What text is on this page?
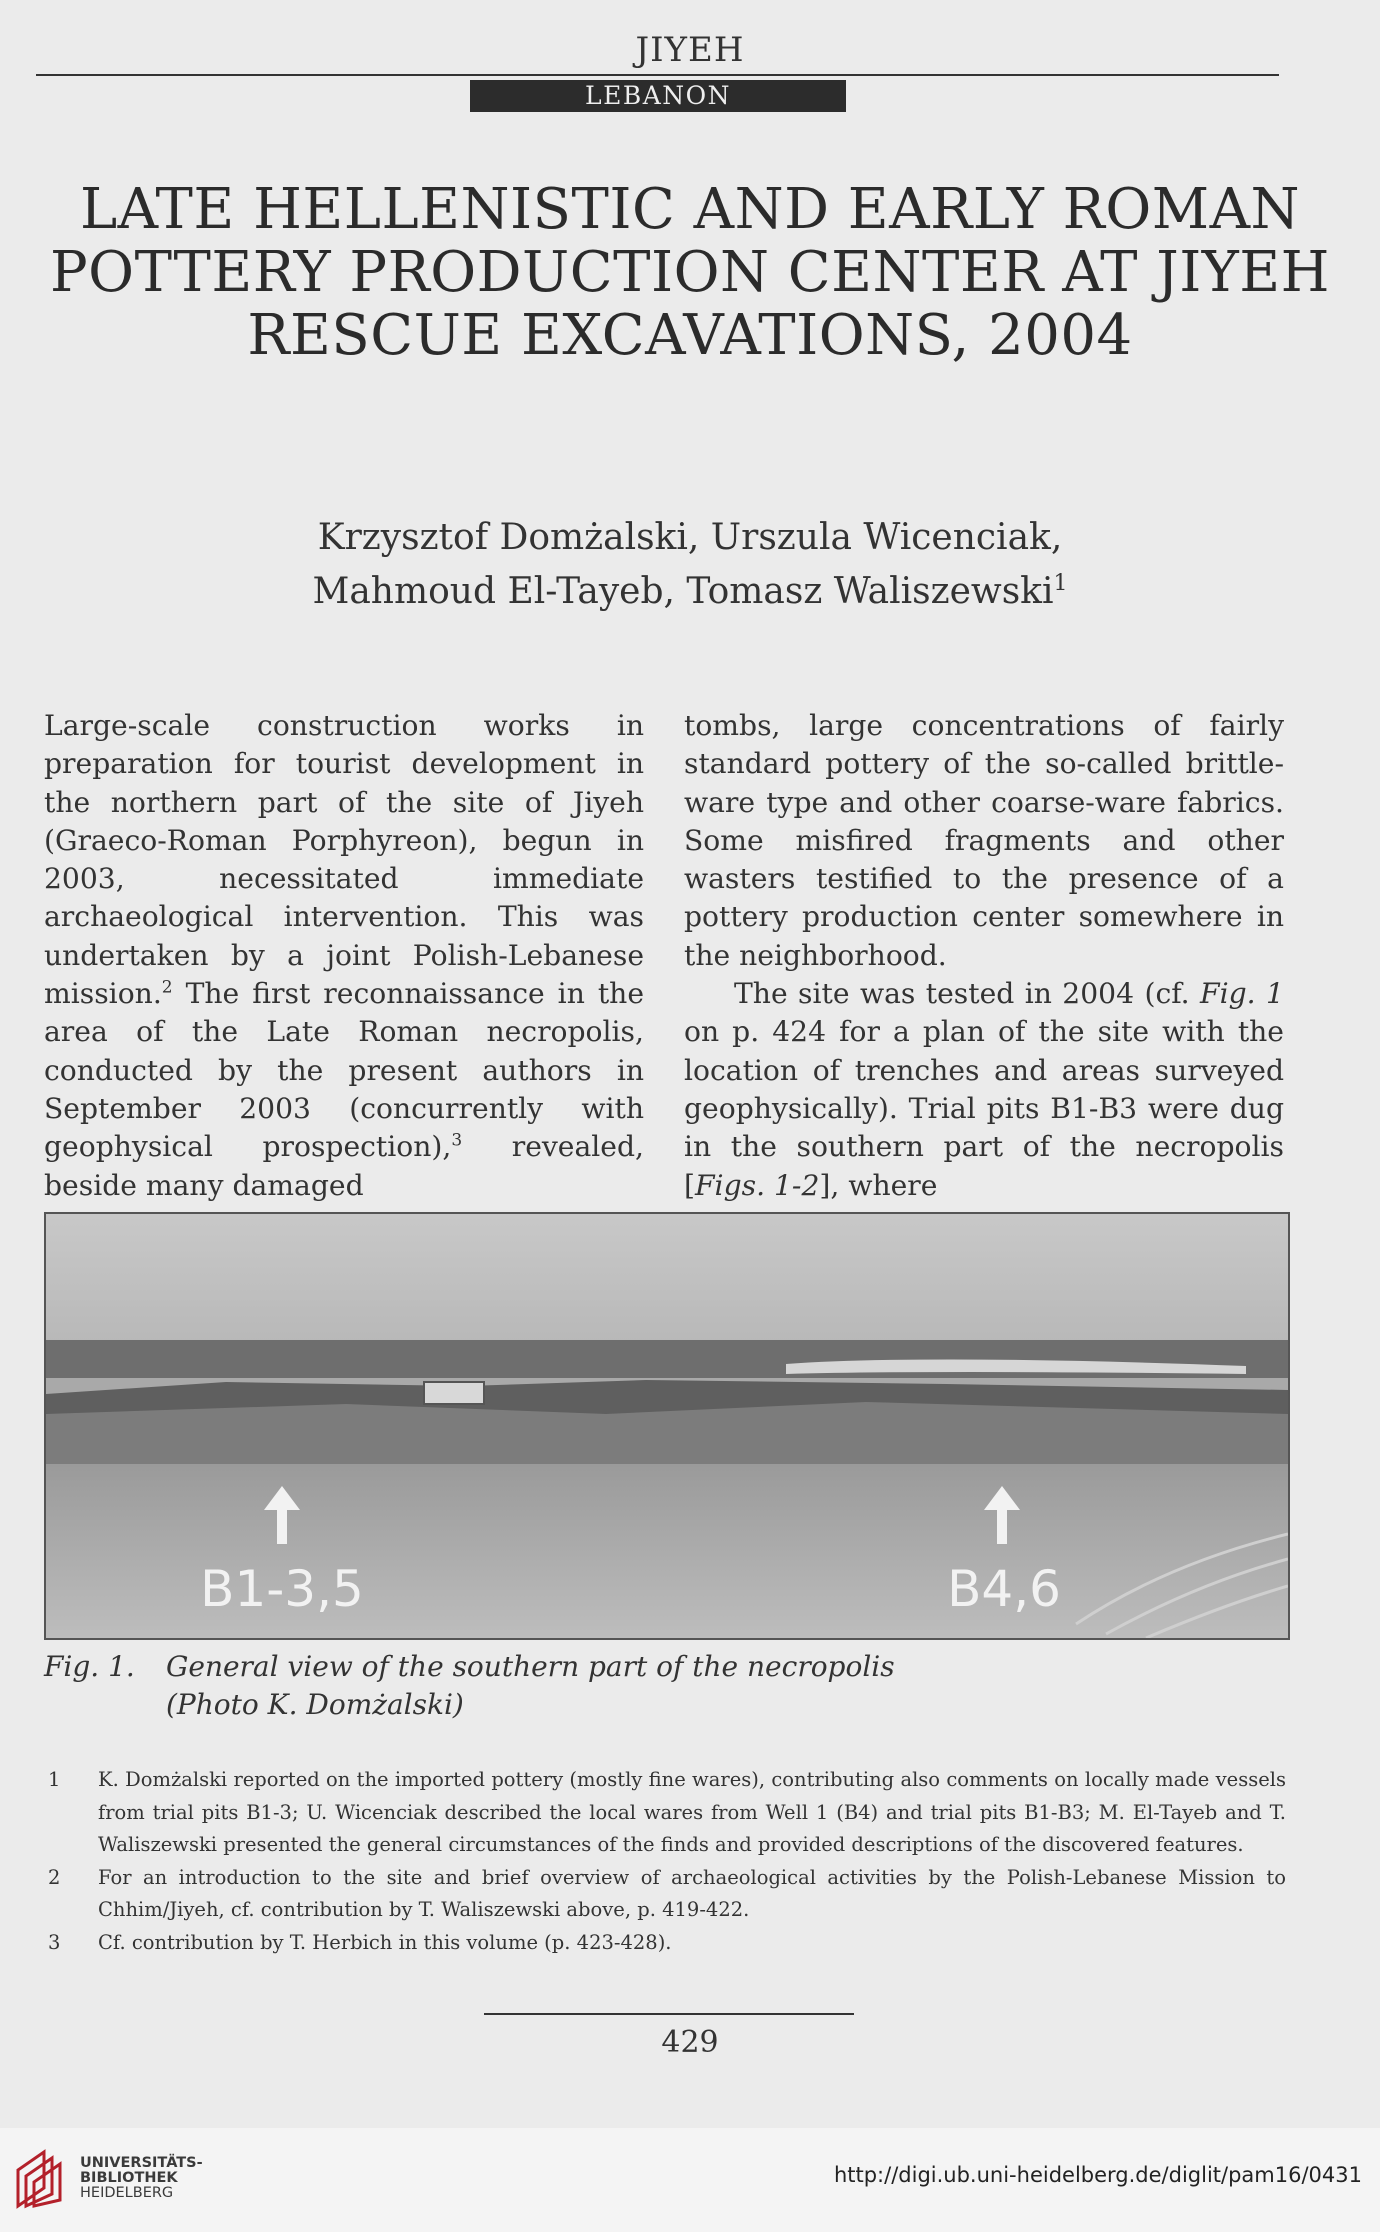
JIYEH
LEBANON
LATE HELLENISTIC AND EARLY ROMAN
POTTERY PRODUCTION CENTER AT JIYEH
RESCUE EXCAVATIONS, 2004
Krzysztof Domżalski, Urszula Wicenciak,
Mahmoud El-Tayeb, Tomasz Waliszewski$^1$

Large-scale construction works in preparation for tourist development in the northern part of the site of Jiyeh (Graeco-Roman Porphyreon), begun in 2003, necessitated immediate archaeological intervention. This was undertaken by a joint Polish-Lebanese mission.$^2$ The first reconnaissance in the area of the Late Roman necropolis, conducted by the present authors in September 2003 (concurrently with geophysical prospection),$^3$ revealed, beside many damaged

tombs, large concentrations of fairly standard pottery of the so-called brittle-ware type and other coarse-ware fabrics. Some misfired fragments and other wasters testified to the presence of a pottery production center somewhere in the neighborhood.

The site was tested in 2004 (cf. Fig. 1 on p. 424 for a plan of the site with the location of trenches and areas surveyed geophysically). Trial pits B1-B3 were dug in the southern part of the necropolis [Figs. 1-2], where

B1-3,5	B4,6
Fig. 1.	General view of the southern part of the necropolis
(Photo K. Domżalski)
1 K. Domżalski reported on the imported pottery (mostly fine wares), contributing also comments on locally made vessels from trial pits B1-3; U. Wicenciak described the local wares from Well 1 (B4) and trial pits B1-B3; M. El-Tayeb and T. Waliszewski presented the general circumstances of the finds and provided descriptions of the discovered features.
2 For an introduction to the site and brief overview of archaeological activities by the Polish-Lebanese Mission to Chhim/Jiyeh, cf. contribution by T. Waliszewski above, p. 419-422.
3 Cf. contribution by T. Herbich in this volume (p. 423-428).
429
UNIVERSITÄTS-
BIBLIOTHEK
HEIDELBERG
http://digi.ub.uni-heidelberg.de/diglit/pam16/0431
